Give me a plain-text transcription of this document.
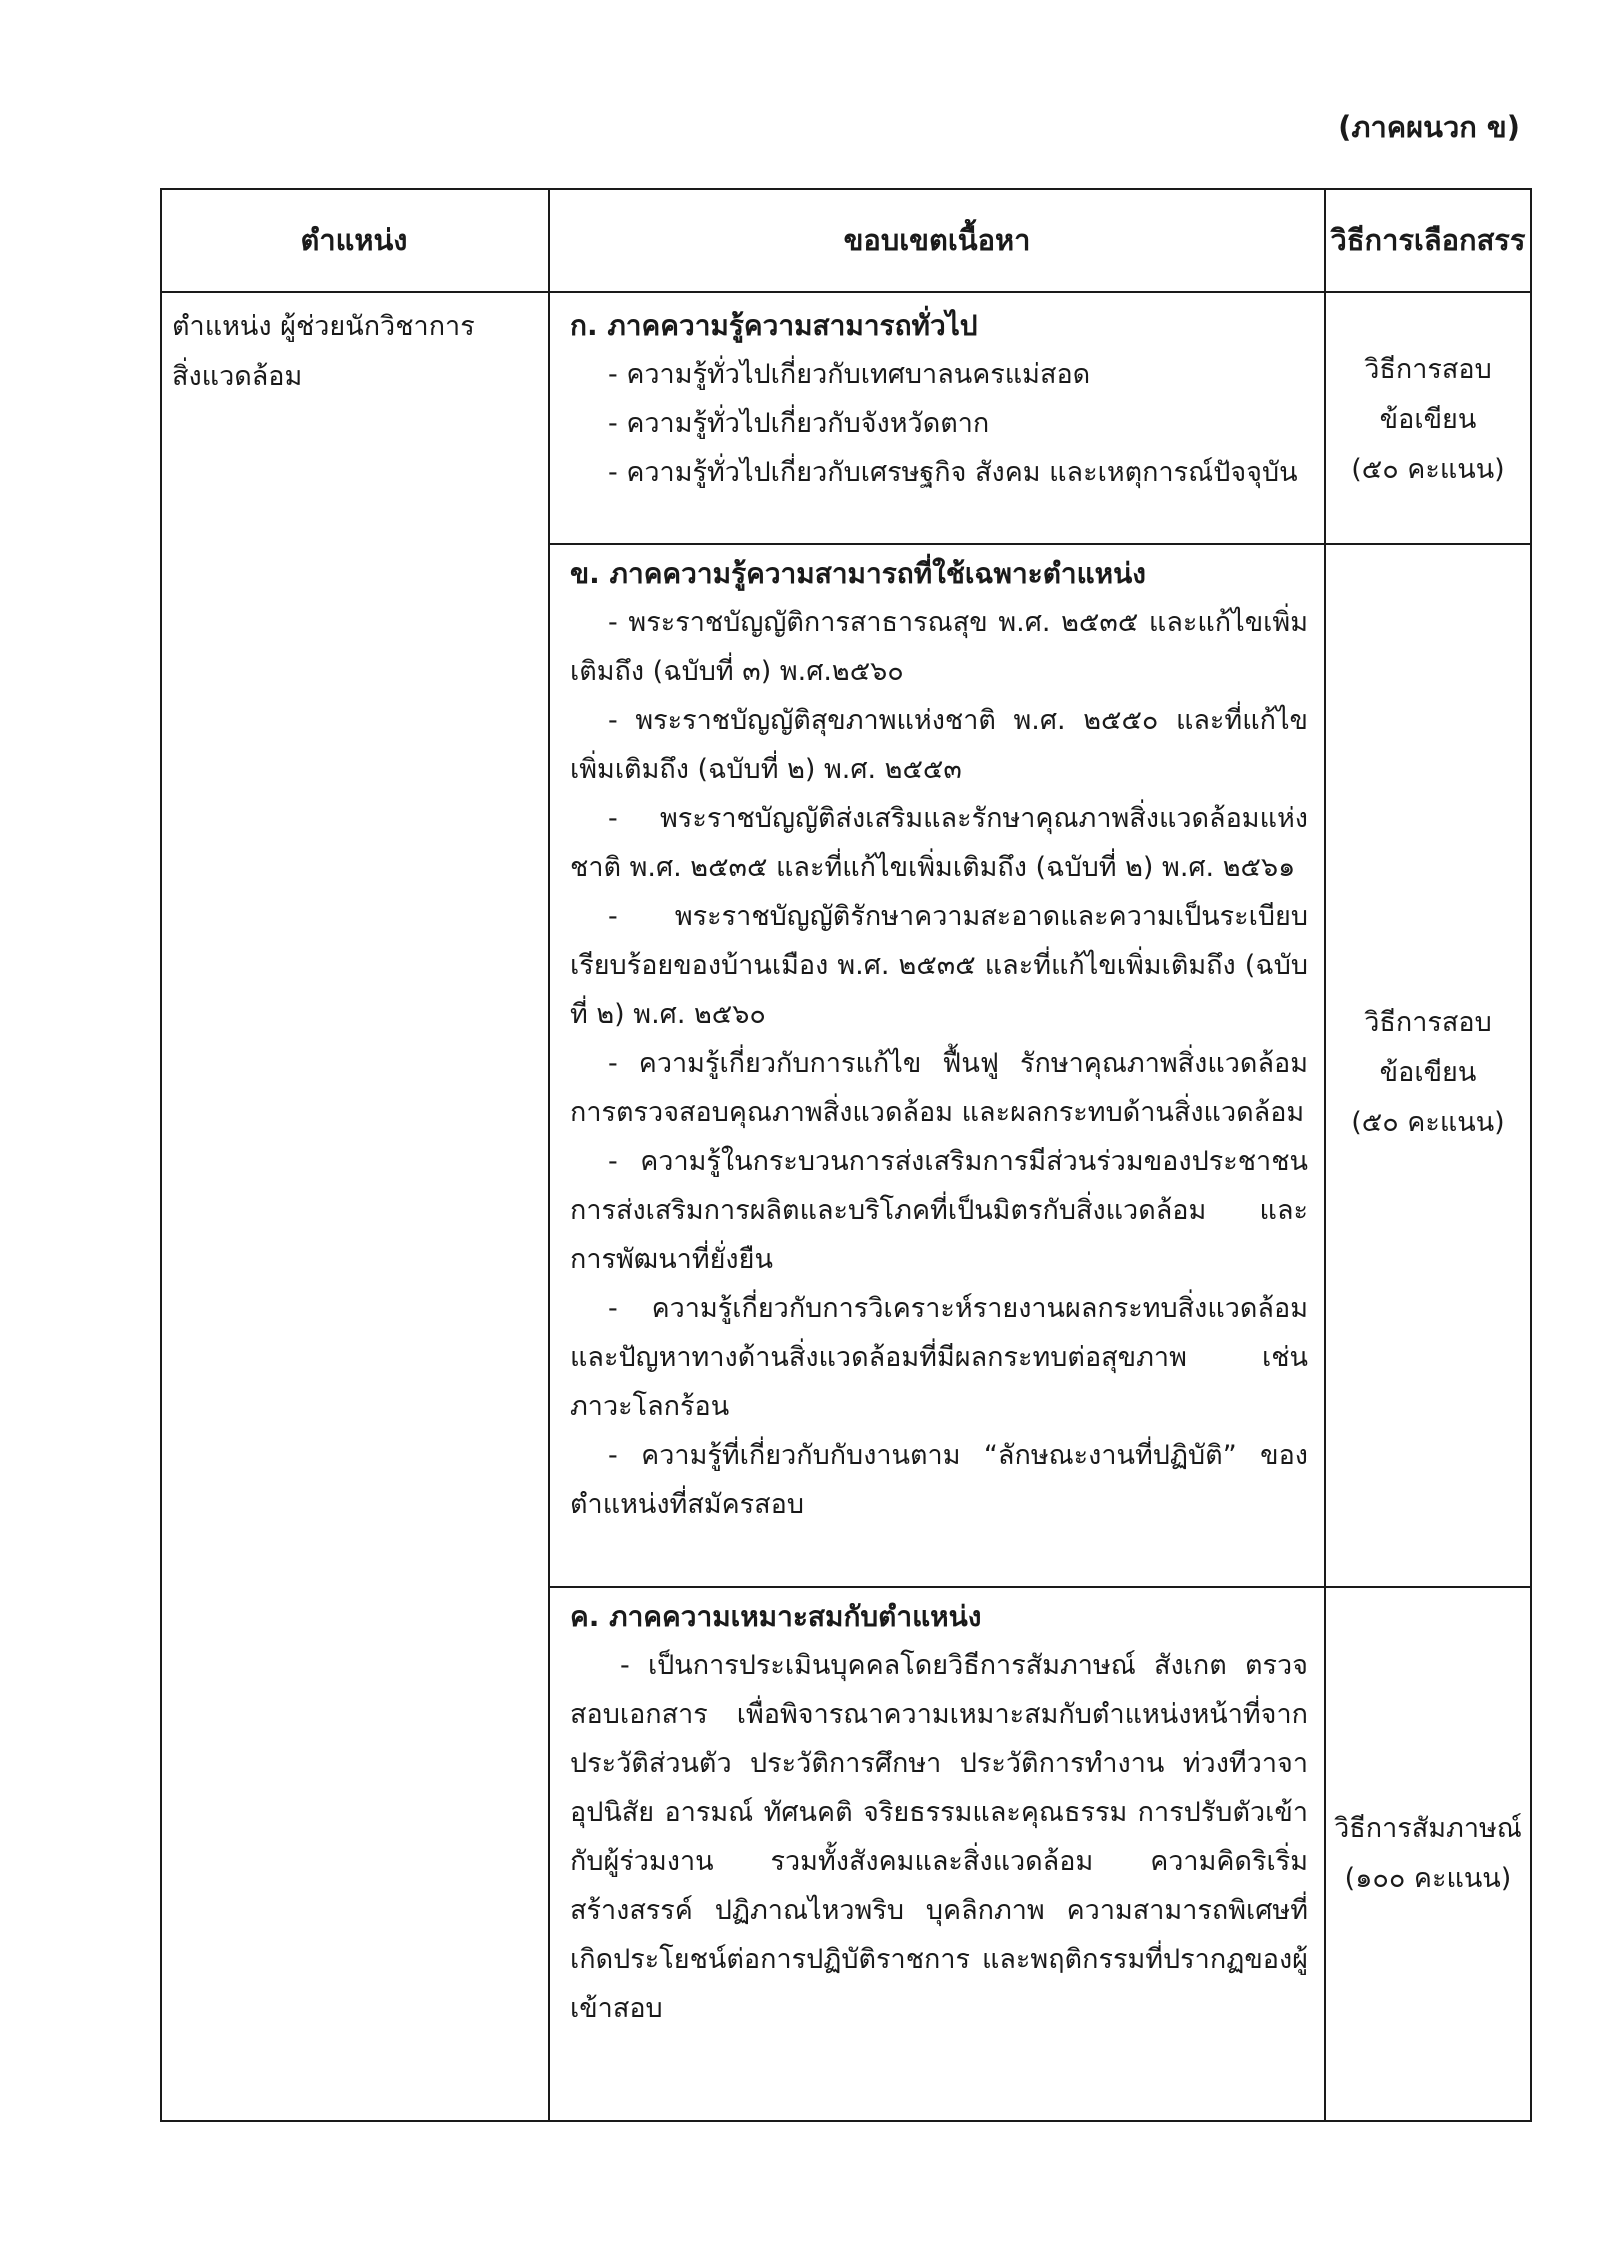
(ภาคผนวก ข)
ตำแหน่ง	ขอบเขตเนื้อหา	วิธีการเลือกสรร
ตำแหน่ง ผู้ช่วยนักวิชาการ
สิ่งแวดล้อม
ก. ภาคความรู้ความสามารถทั่วไป
- ความรู้ทั่วไปเกี่ยวกับเทศบาลนครแม่สอด
- ความรู้ทั่วไปเกี่ยวกับจังหวัดตาก
- ความรู้ทั่วไปเกี่ยวกับเศรษฐกิจ สังคม และเหตุการณ์ปัจจุบัน
วิธีการสอบ
ข้อเขียน
(๕๐ คะแนน)
ข. ภาคความรู้ความสามารถที่ใช้เฉพาะตำแหน่ง
- พระราชบัญญัติการสาธารณสุข พ.ศ. ๒๕๓๕ และแก้ไขเพิ่มเติมถึง (ฉบับที่ ๓) พ.ศ.๒๕๖๐
- พระราชบัญญัติสุขภาพแห่งชาติ พ.ศ. ๒๕๕๐ และที่แก้ไขเพิ่มเติมถึง (ฉบับที่ ๒) พ.ศ. ๒๕๕๓
- พระราชบัญญัติส่งเสริมและรักษาคุณภาพสิ่งแวดล้อมแห่งชาติ พ.ศ. ๒๕๓๕ และที่แก้ไขเพิ่มเติมถึง (ฉบับที่ ๒) พ.ศ. ๒๕๖๑
- พระราชบัญญัติรักษาความสะอาดและความเป็นระเบียบเรียบร้อยของบ้านเมือง พ.ศ. ๒๕๓๕ และที่แก้ไขเพิ่มเติมถึง (ฉบับที่ ๒) พ.ศ. ๒๕๖๐
- ความรู้เกี่ยวกับการแก้ไข ฟื้นฟู รักษาคุณภาพสิ่งแวดล้อม การตรวจสอบคุณภาพสิ่งแวดล้อม และผลกระทบด้านสิ่งแวดล้อม
- ความรู้ในกระบวนการส่งเสริมการมีส่วนร่วมของประชาชน การส่งเสริมการผลิตและบริโภคที่เป็นมิตรกับสิ่งแวดล้อม และการพัฒนาที่ยั่งยืน
- ความรู้เกี่ยวกับการวิเคราะห์รายงานผลกระทบสิ่งแวดล้อม และปัญหาทางด้านสิ่งแวดล้อมที่มีผลกระทบต่อสุขภาพ เช่น ภาวะโลกร้อน
- ความรู้ที่เกี่ยวกับกับงานตาม “ลักษณะงานที่ปฏิบัติ” ของตำแหน่งที่สมัครสอบ
วิธีการสอบ
ข้อเขียน
(๕๐ คะแนน)
ค. ภาคความเหมาะสมกับตำแหน่ง
- เป็นการประเมินบุคคลโดยวิธีการสัมภาษณ์ สังเกต ตรวจสอบเอกสาร เพื่อพิจารณาความเหมาะสมกับตำแหน่งหน้าที่จากประวัติส่วนตัว ประวัติการศึกษา ประวัติการทำงาน ท่วงทีวาจา อุปนิสัย อารมณ์ ทัศนคติ จริยธรรมและคุณธรรม การปรับตัวเข้ากับผู้ร่วมงาน รวมทั้งสังคมและสิ่งแวดล้อม ความคิดริเริ่มสร้างสรรค์ ปฏิภาณไหวพริบ บุคลิกภาพ ความสามารถพิเศษที่เกิดประโยชน์ต่อการปฏิบัติราชการ และพฤติกรรมที่ปรากฏของผู้เข้าสอบ
วิธีการสัมภาษณ์
(๑๐๐ คะแนน)
